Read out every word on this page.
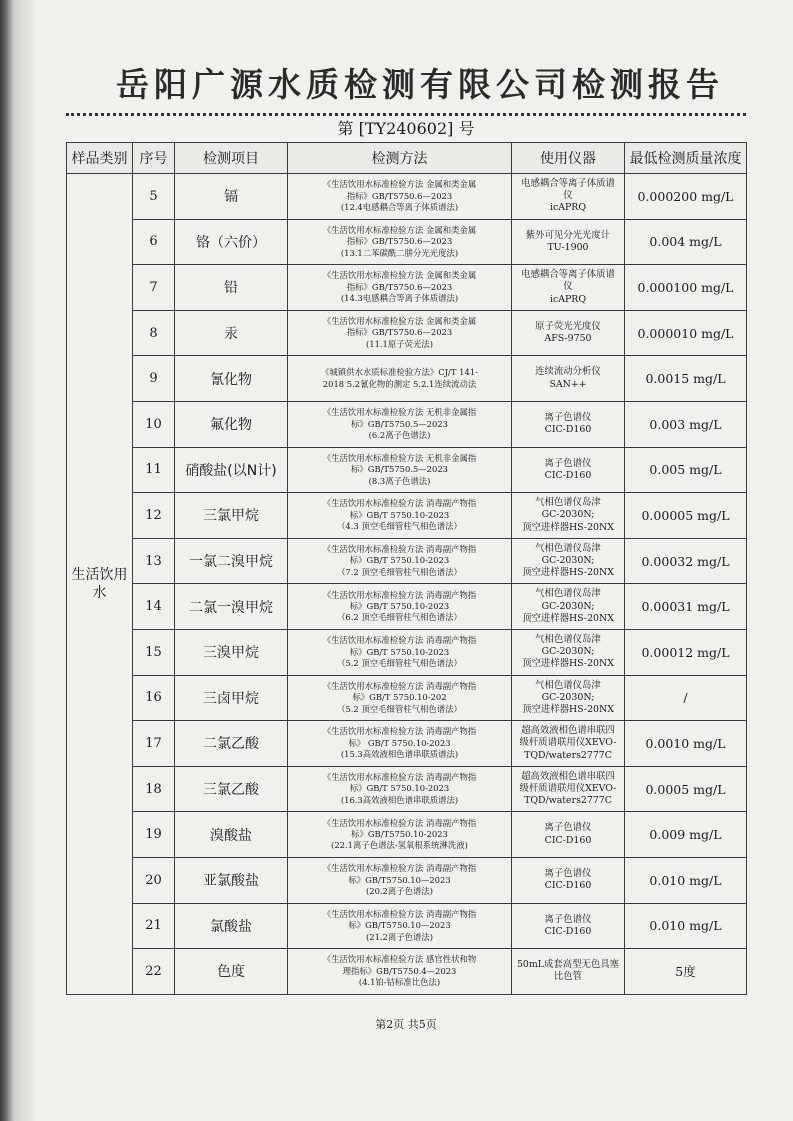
岳阳广源水质检测有限公司检测报告
第 [TY240602] 号
样品类别	序号	检测项目	检测方法	使用仪器	最低检测质量浓度
生活饮用水	5	镉	《生活饮用水标准检验方法 金属和类金属
指标》GB/T5750.6—2023
(12.4电感耦合等离子体质谱法)	电感耦合等离子体质谱
仪
icAPRQ	0.000200 mg/L
	6	铬（六价）	《生活饮用水标准检验方法 金属和类金属
指标》GB/T5750.6—2023
(13.1二苯碳酰二肼分光光度法)	紫外可见分光光度计
TU-1900	0.004 mg/L
	7	铅	《生活饮用水标准检验方法 金属和类金属
指标》GB/T5750.6—2023
(14.3电感耦合等离子体质谱法)	电感耦合等离子体质谱
仪
icAPRQ	0.000100 mg/L
	8	汞	《生活饮用水标准检验方法 金属和类金属
指标》GB/T5750.6—2023
(11.1原子荧光法)	原子荧光光度仪
AFS-9750	0.000010 mg/L
	9	氰化物	《城镇供水水质标准检验方法》CJ/T 141-
2018 5.2氰化物的测定 5.2.1连续流动法	连续流动分析仪
SAN++	0.0015 mg/L
	10	氟化物	《生活饮用水标准检验方法 无机非金属指
标》GB/T5750.5—2023
(6.2离子色谱法)	离子色谱仪
CIC-D160	0.003 mg/L
	11	硝酸盐(以N计)	《生活饮用水标准检验方法 无机非金属指
标》GB/T5750.5—2023
(8.3离子色谱法)	离子色谱仪
CIC-D160	0.005 mg/L
	12	三氯甲烷	《生活饮用水标准检验方法 消毒副产物指
标》GB/T 5750.10-2023
（4.3 顶空毛细管柱气相色谱法）	气相色谱仪岛津
GC-2030N;
顶空进样器HS-20NX	0.00005 mg/L
	13	一氯二溴甲烷	《生活饮用水标准检验方法 消毒副产物指
标》GB/T 5750.10-2023
（7.2 顶空毛细管柱气相色谱法）	气相色谱仪岛津
GC-2030N;
顶空进样器HS-20NX	0.00032 mg/L
	14	二氯一溴甲烷	《生活饮用水标准检验方法 消毒副产物指
标》GB/T 5750.10-2023
（6.2 顶空毛细管柱气相色谱法）	气相色谱仪岛津
GC-2030N;
顶空进样器HS-20NX	0.00031 mg/L
	15	三溴甲烷	《生活饮用水标准检验方法 消毒副产物指
标》GB/T 5750.10-2023
（5.2 顶空毛细管柱气相色谱法）	气相色谱仪岛津
GC-2030N;
顶空进样器HS-20NX	0.00012 mg/L
	16	三卤甲烷	《生活饮用水标准检验方法 消毒副产物指
标》GB/T 5750.10-202
（5.2 顶空毛细管柱气相色谱法）	气相色谱仪岛津
GC-2030N;
顶空进样器HS-20NX	/
	17	二氯乙酸	《生活饮用水标准检验方法 消毒副产物指
标》 GB/T 5750.10-2023
(15.3高效液相色谱串联质谱法)	超高效液相色谱串联四
级杆质谱联用仪XEVO-
TQD/waters2777C	0.0010 mg/L
	18	三氯乙酸	《生活饮用水标准检验方法 消毒副产物指
标》GB/T 5750.10-2023
(16.3高效液相色谱串联质谱法)	超高效液相色谱串联四
级杆质谱联用仪XEVO-
TQD/waters2777C	0.0005 mg/L
	19	溴酸盐	《生活饮用水标准检验方法 消毒副产物指
标》GB/T5750.10-2023
(22.1离子色谱法-氢氧根系统淋洗液)	离子色谱仪
CIC-D160	0.009 mg/L
	20	亚氯酸盐	《生活饮用水标准检验方法 消毒副产物指
标》GB/T5750.10—2023
(20.2离子色谱法)	离子色谱仪
CIC-D160	0.010 mg/L
	21	氯酸盐	《生活饮用水标准检验方法 消毒副产物指
标》GB/T5750.10—2023
(21.2离子色谱法)	离子色谱仪
CIC-D160	0.010 mg/L
	22	色度	《生活饮用水标准检验方法 感官性状和物
理指标》GB/T5750.4—2023
(4.1铂-钴标准比色法)	50mL成套高型无色具塞
比色管	5度
第2页 共5页
